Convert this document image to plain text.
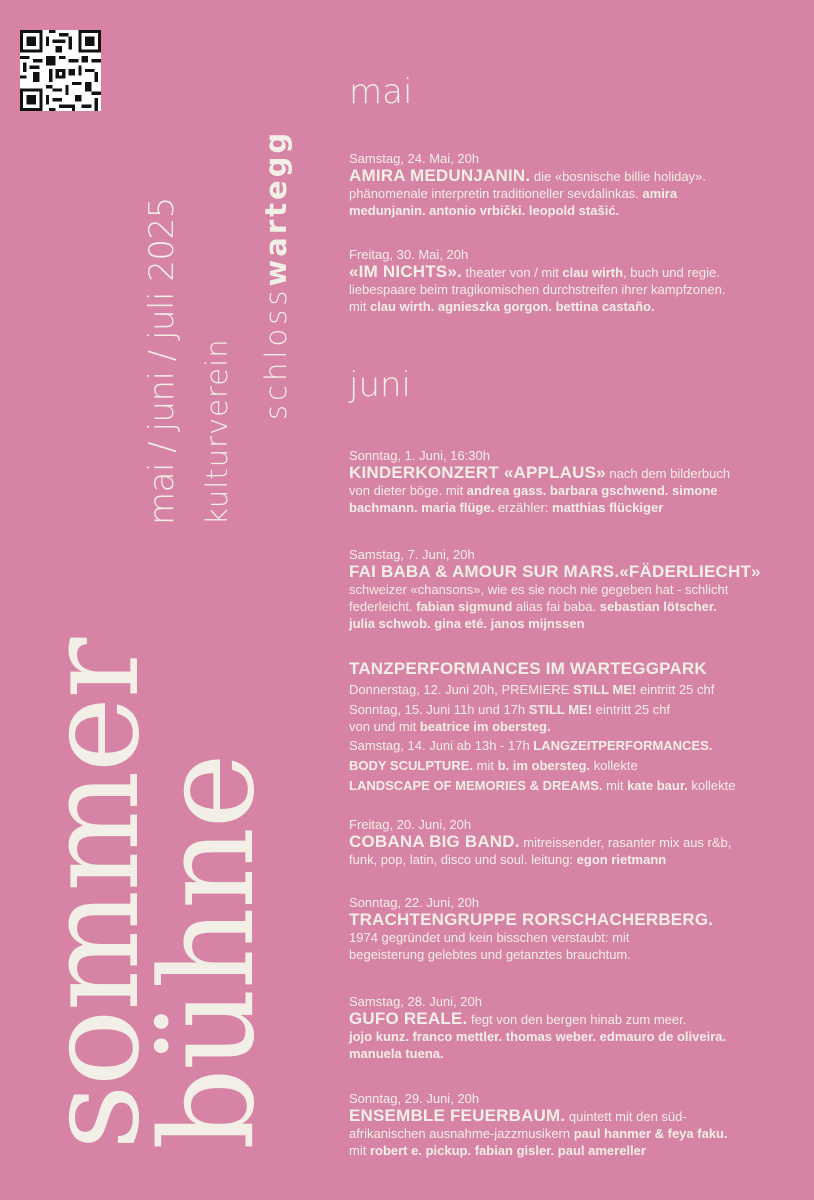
sommer
bühne
mai / juni / juli 2025 kulturverein schlosswartegg
mai
juni
Samstag, 24. Mai, 20h
AMIRA MEDUNJANIN. die «bosnische billie holiday».
phänomenale interpretin traditioneller sevdalinkas. amira
medunjanin. antonio vrbički. leopold stašić.
Freitag, 30. Mai, 20h
«IM NICHTS». theater von / mit clau wirth, buch und regie.
liebespaare beim tragikomischen durchstreifen ihrer kampfzonen.
mit clau wirth. agnieszka gorgon. bettina castaño.
Sonntag, 1. Juni, 16:30h
KINDERKONZERT «APPLAUS» nach dem bilderbuch
von dieter böge. mit andrea gass. barbara gschwend. simone
bachmann. maria flüge. erzähler: matthias flückiger
Samstag, 7. Juni, 20h
FAI BABA & AMOUR SUR MARS.«FÄDERLIECHT»
schweizer «chansons», wie es sie noch nie gegeben hat - schlicht
federleicht. fabian sigmund alias fai baba. sebastian lötscher.
julia schwob. gina eté. janos mijnssen
TANZPERFORMANCES IM WARTEGGPARK
Donnerstag, 12. Juni 20h, PREMIERE STILL ME! eintritt 25 chf
Sonntag, 15. Juni 11h und 17h STILL ME! eintritt 25 chf
von und mit beatrice im obersteg.
Samstag, 14. Juni ab 13h - 17h LANGZEITPERFORMANCES.
BODY SCULPTURE. mit b. im obersteg. kollekte
LANDSCAPE OF MEMORIES & DREAMS. mit kate baur. kollekte
Freitag, 20. Juni, 20h
COBANA BIG BAND. mitreissender, rasanter mix aus r&b,
funk, pop, latin, disco und soul. leitung: egon rietmann
Sonntag, 22. Juni, 20h
TRACHTENGRUPPE RORSCHACHERBERG.
1974 gegründet und kein bisschen verstaubt: mit
begeisterung gelebtes und getanztes brauchtum.
Samstag, 28. Juni, 20h
GUFO REALE. fegt von den bergen hinab zum meer.
jojo kunz. franco mettler. thomas weber. edmauro de oliveira.
manuela tuena.
Sonntag, 29. Juni, 20h
ENSEMBLE FEUERBAUM. quintett mit den süd-
afrikanischen ausnahme-jazzmusikern paul hanmer & feya faku.
mit robert e. pickup. fabian gisler. paul amereller
